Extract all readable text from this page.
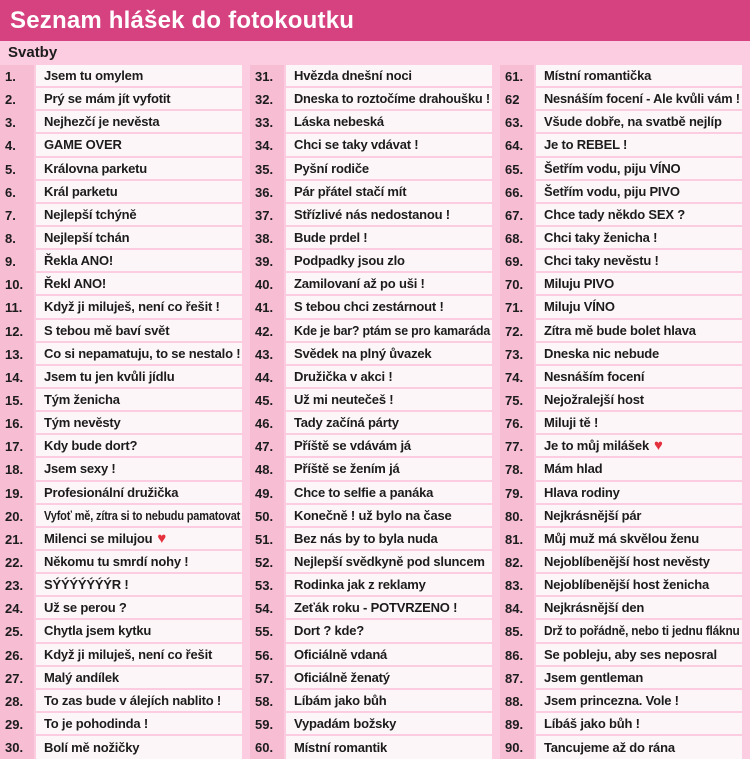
Seznam hlášek do fotokoutku
Svatby
1.	Jsem tu omylem
2.	Prý se mám jít vyfotit
3.	Nejhezčí je nevěsta
4.	GAME OVER
5.	Královna parketu
6.	Král parketu
7.	Nejlepší tchýně
8.	Nejlepší tchán
9.	Řekla ANO!
10.	Řekl ANO!
11.	Když ji miluješ, není co řešit !
12.	S tebou mě baví svět
13.	Co si nepamatuju, to se nestalo !
14.	Jsem tu jen kvůli jídlu
15.	Tým ženicha
16.	Tým nevěsty
17.	Kdy bude dort?
18.	Jsem sexy !
19.	Profesionální družička
20.	Vyfoť mě, zítra si to nebudu pamatovat
21.	Milenci se milujou ♥
22.	Někomu tu smrdí nohy !
23.	SÝÝÝÝÝÝÝR !
24.	Už se perou ?
25.	Chytla jsem kytku
26.	Když ji miluješ, není co řešit
27.	Malý andílek
28.	To zas bude v álejích nablito !
29.	To je pohodinda !
30.	Bolí mě nožičky
31.	Hvězda dnešní noci
32.	Dneska to roztočíme drahoušku !
33.	Láska nebeská
34.	Chci se taky vdávat !
35.	Pyšní rodiče
36.	Pár přátel stačí mít
37.	Střízlivé nás nedostanou !
38.	Bude prdel !
39.	Podpadky jsou zlo
40.	Zamilovaní až po uši !
41.	S tebou chci zestárnout !
42.	Kde je bar? ptám se pro kamaráda
43.	Svědek na plný ůvazek
44.	Družička v akci !
45.	Už mi neutečeš !
46.	Tady začíná párty
47.	Příště se vdávám já
48.	Příště se žením já
49.	Chce to selfie a panáka
50.	Konečně ! už bylo na čase
51.	Bez nás by to byla nuda
52.	Nejlepší svědkyně pod sluncem
53.	Rodinka jak z reklamy
54.	Zeťák roku - POTVRZENO !
55.	Dort ? kde?
56.	Oficiálně vdaná
57.	Oficiálně ženatý
58.	Líbám jako bůh
59.	Vypadám božsky
60.	Místní romantik
61.	Místní romantička
62	Nesnáším focení - Ale kvůli vám !
63.	Všude dobře, na svatbě nejlíp
64.	Je to REBEL !
65.	Šetřím vodu, piju VÍNO
66.	Šetřím vodu, piju PIVO
67.	Chce tady někdo SEX ?
68.	Chci taky ženicha !
69.	Chci taky nevěstu !
70.	Miluju PIVO
71.	Miluju VÍNO
72.	Zítra mě bude bolet hlava
73.	Dneska nic nebude
74.	Nesnáším focení
75.	Nejožralejší host
76.	Miluji tě !
77.	Je to můj milášek ♥
78.	Mám hlad
79.	Hlava rodiny
80.	Nejkrásnější pár
81.	Můj muž má skvělou ženu
82.	Nejoblíbenější host nevěsty
83.	Nejoblíbenější host ženicha
84.	Nejkrásnější den
85.	Drž to pořádně, nebo ti jednu fláknu
86.	Se pobleju, aby ses neposral
87.	Jsem gentleman
88.	Jsem princezna. Vole !
89.	Líbáš jako bůh !
90.	Tancujeme až do rána
